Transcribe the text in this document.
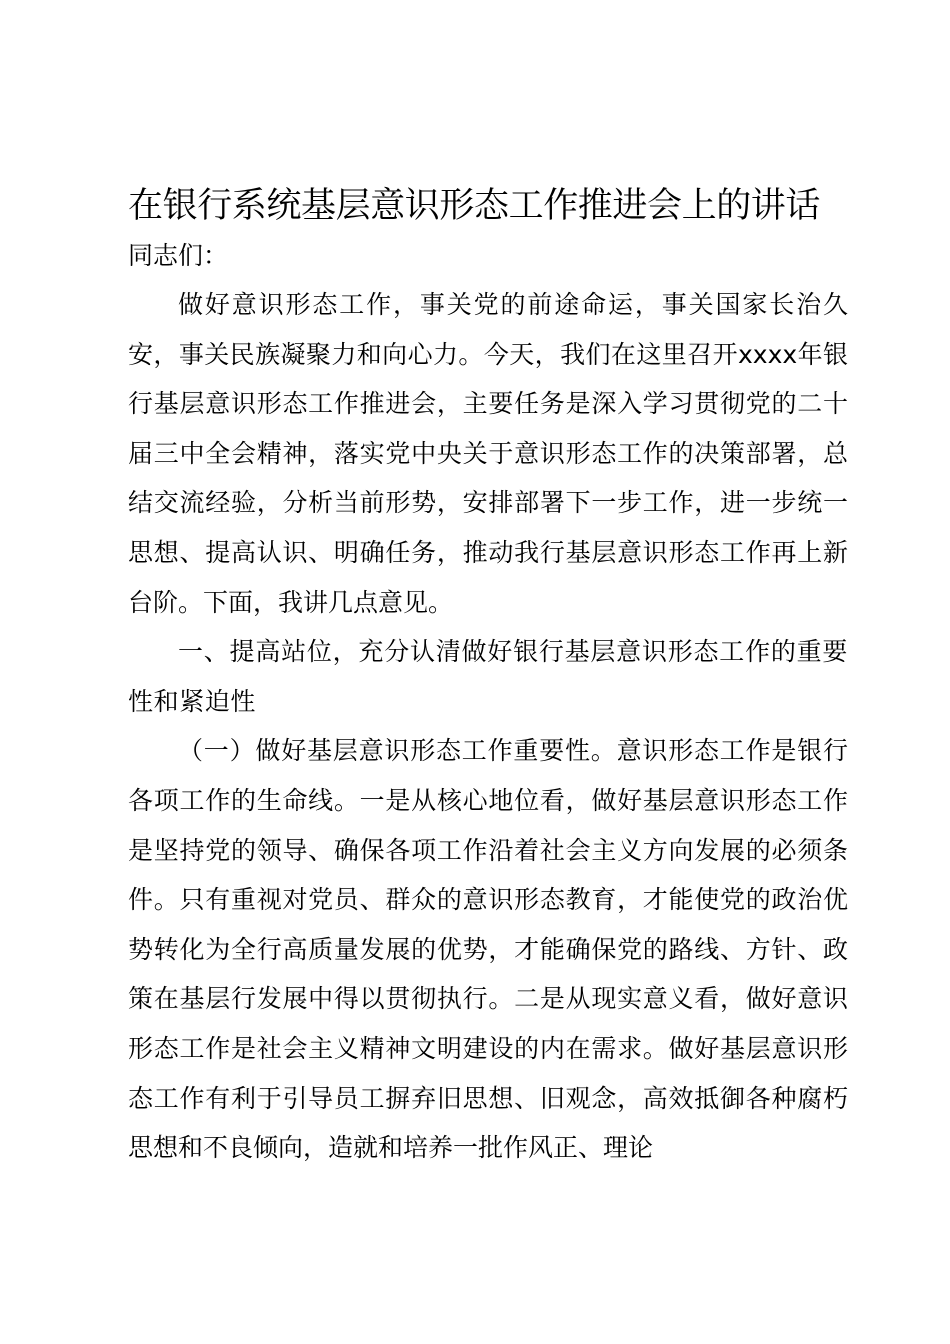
在银行系统基层意识形态工作推进会上的讲话
同志们：

做好意识形态工作，事关党的前途命运，事关国家长治久安，事关民族凝聚力和向心力。今天，我们在这里召开xxxx年银行基层意识形态工作推进会，主要任务是深入学习贯彻党的二十届三中全会精神，落实党中央关于意识形态工作的决策部署，总结交流经验，分析当前形势，安排部署下一步工作，进一步统一思想、提高认识、明确任务，推动我行基层意识形态工作再上新台阶。下面，我讲几点意见。

一、提高站位，充分认清做好银行基层意识形态工作的重要性和紧迫性

（一）做好基层意识形态工作重要性。意识形态工作是银行各项工作的生命线。一是从核心地位看，做好基层意识形态工作是坚持党的领导、确保各项工作沿着社会主义方向发展的必须条件。只有重视对党员、群众的意识形态教育，才能使党的政治优势转化为全行高质量发展的优势，才能确保党的路线、方针、政策在基层行发展中得以贯彻执行。二是从现实意义看，做好意识形态工作是社会主义精神文明建设的内在需求。做好基层意识形态工作有利于引导员工摒弃旧思想、旧观念，高效抵御各种腐朽思想和不良倾向，造就和培养一批作风正、理论
